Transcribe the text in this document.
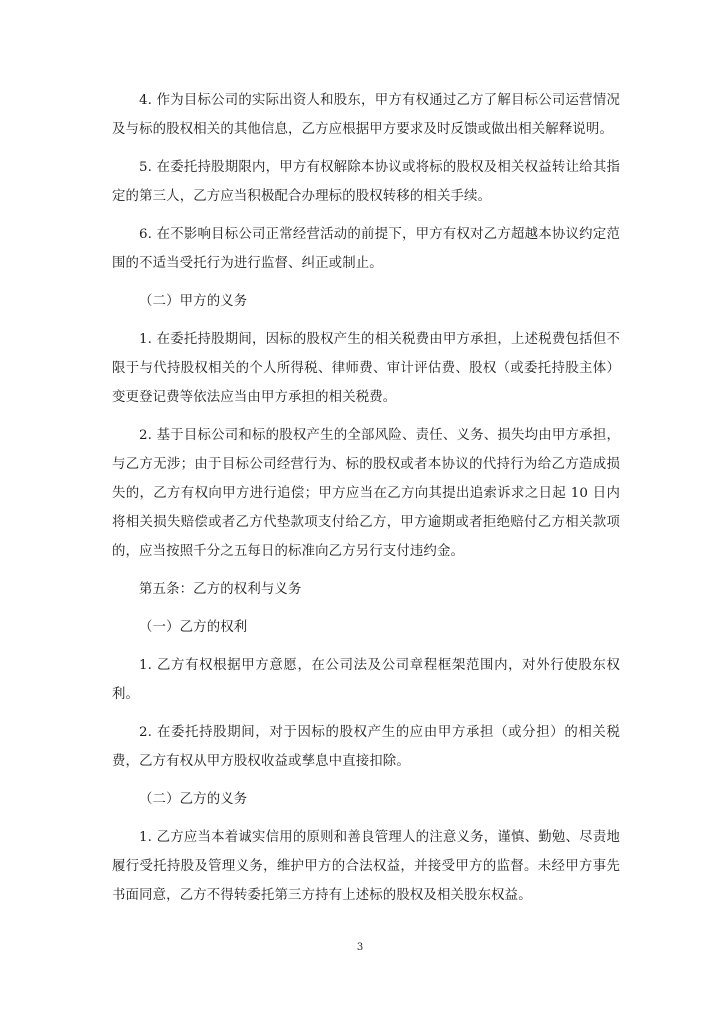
4. 作为目标公司的实际出资人和股东，甲方有权通过乙方了解目标公司运营情况及与标的股权相关的其他信息，乙方应根据甲方要求及时反馈或做出相关解释说明。

5. 在委托持股期限内，甲方有权解除本协议或将标的股权及相关权益转让给其指定的第三人，乙方应当积极配合办理标的股权转移的相关手续。

6. 在不影响目标公司正常经营活动的前提下，甲方有权对乙方超越本协议约定范围的不适当受托行为进行监督、纠正或制止。

（二）甲方的义务

1. 在委托持股期间，因标的股权产生的相关税费由甲方承担，上述税费包括但不限于与代持股权相关的个人所得税、律师费、审计评估费、股权（或委托持股主体）变更登记费等依法应当由甲方承担的相关税费。

2. 基于目标公司和标的股权产生的全部风险、责任、义务、损失均由甲方承担，与乙方无涉；由于目标公司经营行为、标的股权或者本协议的代持行为给乙方造成损失的，乙方有权向甲方进行追偿；甲方应当在乙方向其提出追索诉求之日起 10 日内将相关损失赔偿或者乙方代垫款项支付给乙方，甲方逾期或者拒绝赔付乙方相关款项的，应当按照千分之五每日的标准向乙方另行支付违约金。

第五条：乙方的权利与义务

（一）乙方的权利

1. 乙方有权根据甲方意愿，在公司法及公司章程框架范围内，对外行使股东权利。

2. 在委托持股期间，对于因标的股权产生的应由甲方承担（或分担）的相关税费，乙方有权从甲方股权收益或孳息中直接扣除。

（二）乙方的义务

1. 乙方应当本着诚实信用的原则和善良管理人的注意义务，谨慎、勤勉、尽责地履行受托持股及管理义务，维护甲方的合法权益，并接受甲方的监督。未经甲方事先书面同意，乙方不得转委托第三方持有上述标的股权及相关股东权益。

3
